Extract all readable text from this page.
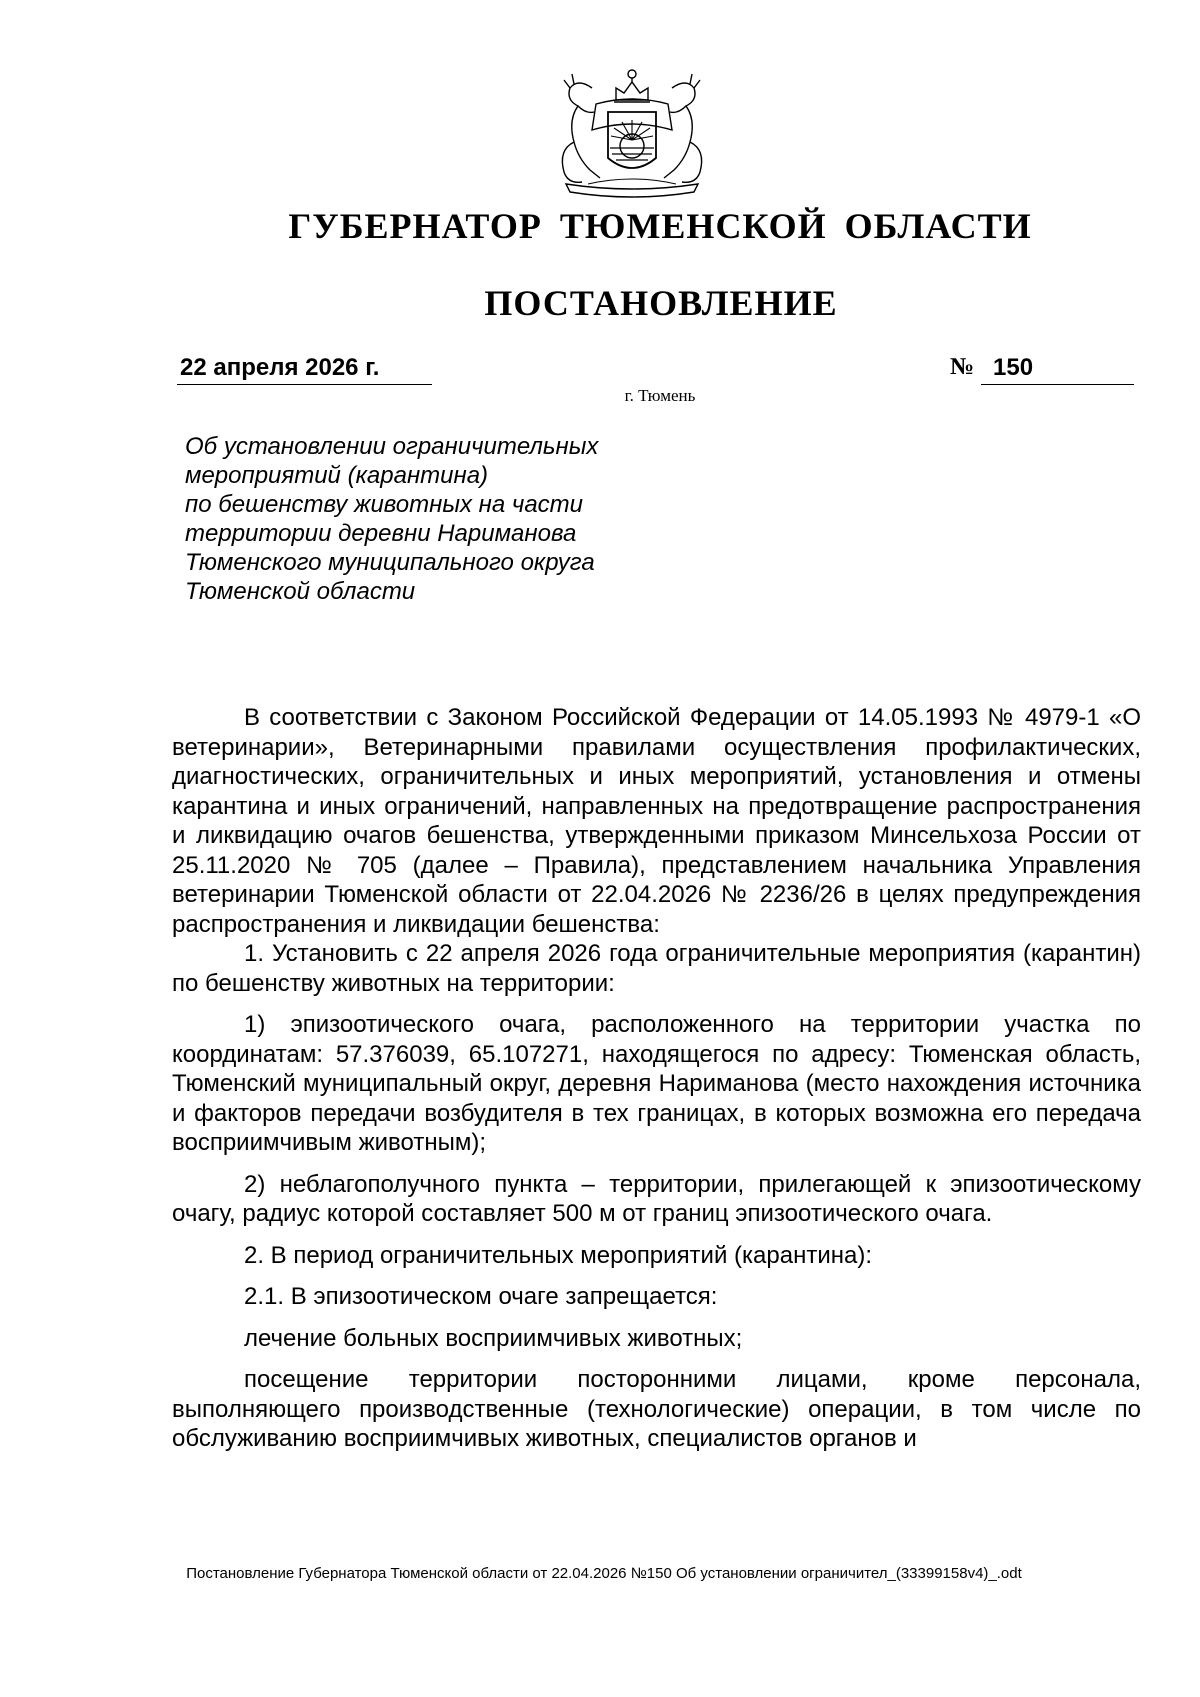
ГУБЕРНАТОР ТЮМЕНСКОЙ ОБЛАСТИ
ПОСТАНОВЛЕНИЕ
22 апреля 2026 г.	№ 150
г. Тюмень
Об установлении ограничительных
мероприятий (карантина)
по бешенству животных на части
территории деревни Нариманова
Тюменского муниципального округа
Тюменской области

В соответствии с Законом Российской Федерации от 14.05.1993 № 4979-1 «О ветеринарии», Ветеринарными правилами осуществления профилактических, диагностических, ограничительных и иных мероприятий, установления и отмены карантина и иных ограничений, направленных на предотвращение распространения и ликвидацию очагов бешенства, утвержденными приказом Минсельхоза России от 25.11.2020 № 705 (далее – Правила), представлением начальника Управления ветеринарии Тюменской области от 22.04.2026 № 2236/26 в целях предупреждения распространения и ликвидации бешенства:

1. Установить с 22 апреля 2026 года ограничительные мероприятия (карантин) по бешенству животных на территории:

1) эпизоотического очага, расположенного на территории участка по координатам: 57.376039, 65.107271, находящегося по адресу: Тюменская область, Тюменский муниципальный округ, деревня Нариманова (место нахождения источника и факторов передачи возбудителя в тех границах, в которых возможна его передача восприимчивым животным);

2) неблагополучного пункта – территории, прилегающей к эпизоотическому очагу, радиус которой составляет 500 м от границ эпизоотического очага.

2. В период ограничительных мероприятий (карантина):

2.1. В эпизоотическом очаге запрещается:

лечение больных восприимчивых животных;

посещение территории посторонними лицами, кроме персонала, выполняющего производственные (технологические) операции, в том числе по обслуживанию восприимчивых животных, специалистов органов и

Постановление Губернатора Тюменской области от 22.04.2026 №150 Об установлении ограничител_(33399158v4)_.odt
